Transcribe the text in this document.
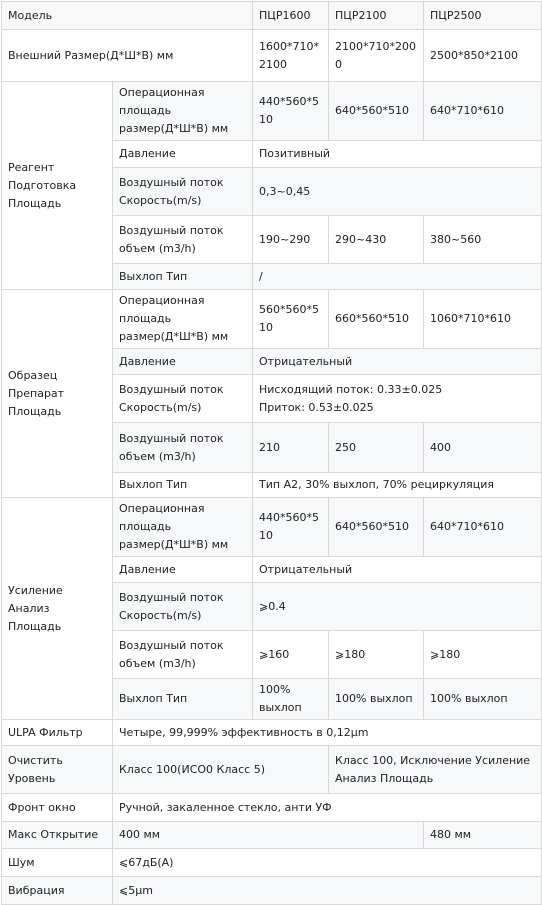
Модель		ПЦР1600	ПЦР2100	ПЦР2500
Внешний Размер(Д*Ш*В) мм		1600*710*2100	2100*710*2000	2500*850*2100
Реагент Подготовка Площадь	Операционная площадь размер(Д*Ш*В) мм	440*560*510	640*560*510	640*710*610
	Давление	Позитивный		
	Воздушный поток Скорость(m/s)	0,3~0,45		
	Воздушный поток объем (m3/h)	190~290	290~430	380~560
	Выхлоп Тип	/		
Образец Препарат Площадь	Операционная площадь размер(Д*Ш*В) мм	560*560*510	660*560*510	1060*710*610
	Давление	Отрицательный		
	Воздушный поток Скорость(m/s)	Нисходящий поток: 0.33±0.025
Приток: 0.53±0.025		

	Воздушный поток объем (m3/h)	210	250	400
	Выхлоп Тип	Тип А2, 30% выхлоп, 70% рециркуляция		
Усиление Анализ Площадь	Операционная площадь размер(Д*Ш*В) мм	440*560*510	640*560*510	640*710*610
	Давление	Отрицательный		
	Воздушный поток Скорость(m/s)	⩾0.4		
	Воздушный поток объем (m3/h)	⩾160	⩾180	⩾180
	Выхлоп Тип	100% выхлоп	100% выхлоп	100% выхлоп
ULPA Фильтр	Четыре, 99,999% эффективность в 0,12μm			
Очистить Уровень	Класс 100(ИСО0 Класс 5)		Класс 100, Исключение Усиление Анализ Площадь	
Фронт окно	Ручной, закаленное стекло, анти УФ			
Макс Открытие	400 мм			480 мм
Шум	⩽67дБ(A)			
Вибрация	⩽5μm			
